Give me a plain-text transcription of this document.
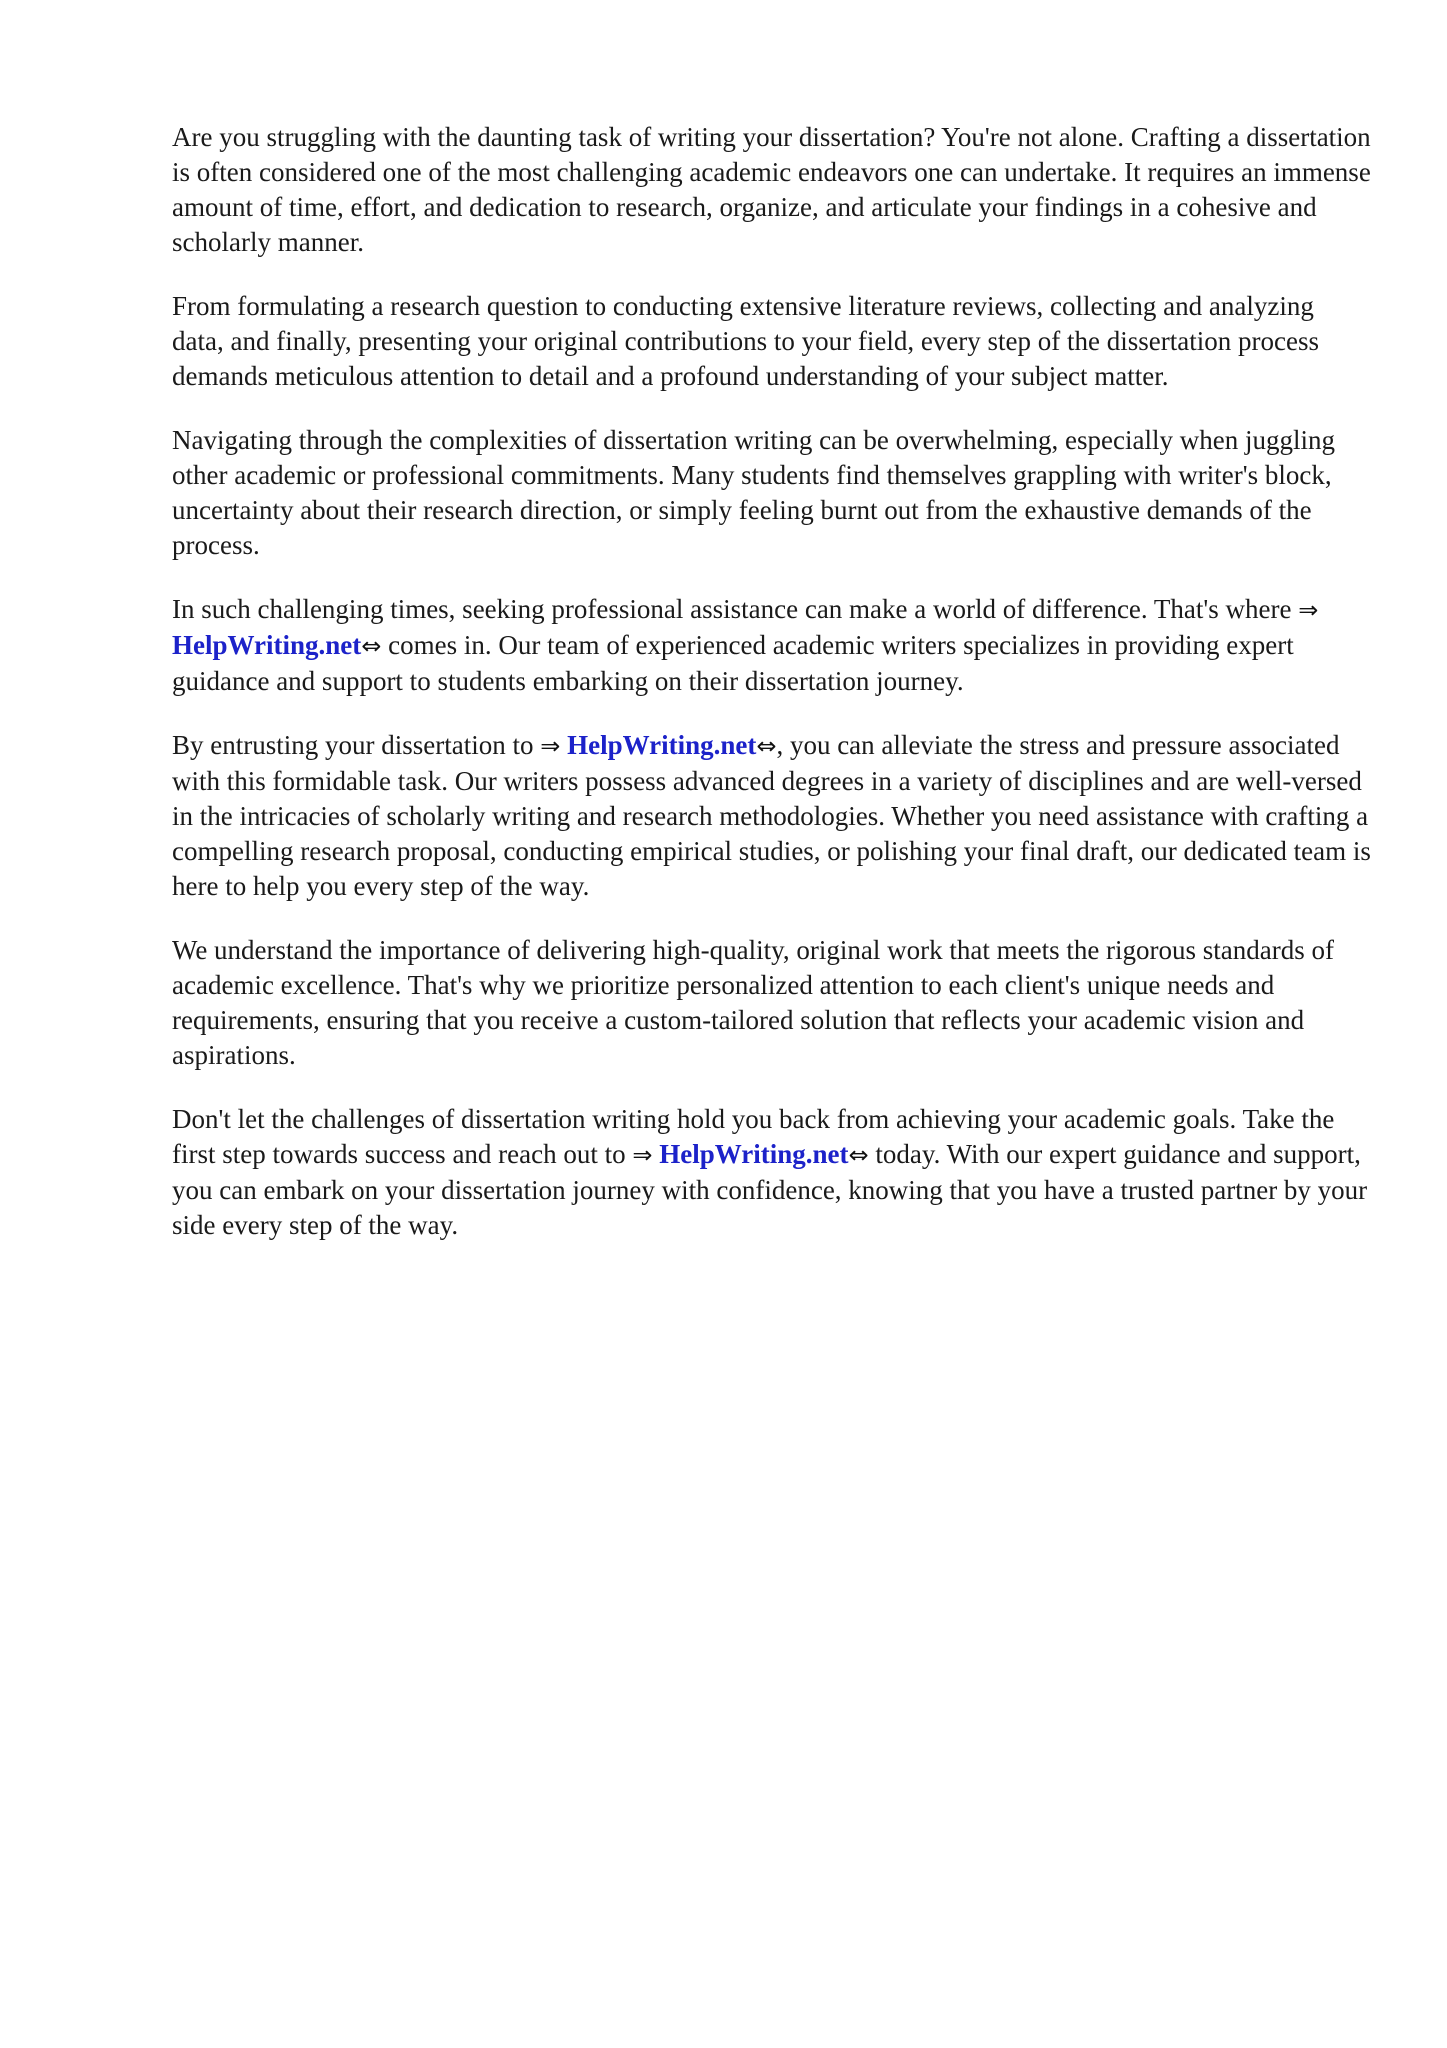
Are you struggling with the daunting task of writing your dissertation? You're not alone. Crafting a dissertation is often considered one of the most challenging academic endeavors one can undertake. It requires an immense amount of time, effort, and dedication to research, organize, and articulate your findings in a cohesive and scholarly manner.

From formulating a research question to conducting extensive literature reviews, collecting and analyzing data, and finally, presenting your original contributions to your field, every step of the dissertation process demands meticulous attention to detail and a profound understanding of your subject matter.

Navigating through the complexities of dissertation writing can be overwhelming, especially when juggling other academic or professional commitments. Many students find themselves grappling with writer's block, uncertainty about their research direction, or simply feeling burnt out from the exhaustive demands of the process.

In such challenging times, seeking professional assistance can make a world of difference. That's where ⇒ HelpWriting.net⇔ comes in. Our team of experienced academic writers specializes in providing expert guidance and support to students embarking on their dissertation journey.

By entrusting your dissertation to ⇒ HelpWriting.net⇔, you can alleviate the stress and pressure associated with this formidable task. Our writers possess advanced degrees in a variety of disciplines and are well-versed in the intricacies of scholarly writing and research methodologies. Whether you need assistance with crafting a compelling research proposal, conducting empirical studies, or polishing your final draft, our dedicated team is here to help you every step of the way.

We understand the importance of delivering high-quality, original work that meets the rigorous standards of academic excellence. That's why we prioritize personalized attention to each client's unique needs and requirements, ensuring that you receive a custom-tailored solution that reflects your academic vision and aspirations.

Don't let the challenges of dissertation writing hold you back from achieving your academic goals. Take the first step towards success and reach out to ⇒ HelpWriting.net⇔ today. With our expert guidance and support, you can embark on your dissertation journey with confidence, knowing that you have a trusted partner by your side every step of the way.
